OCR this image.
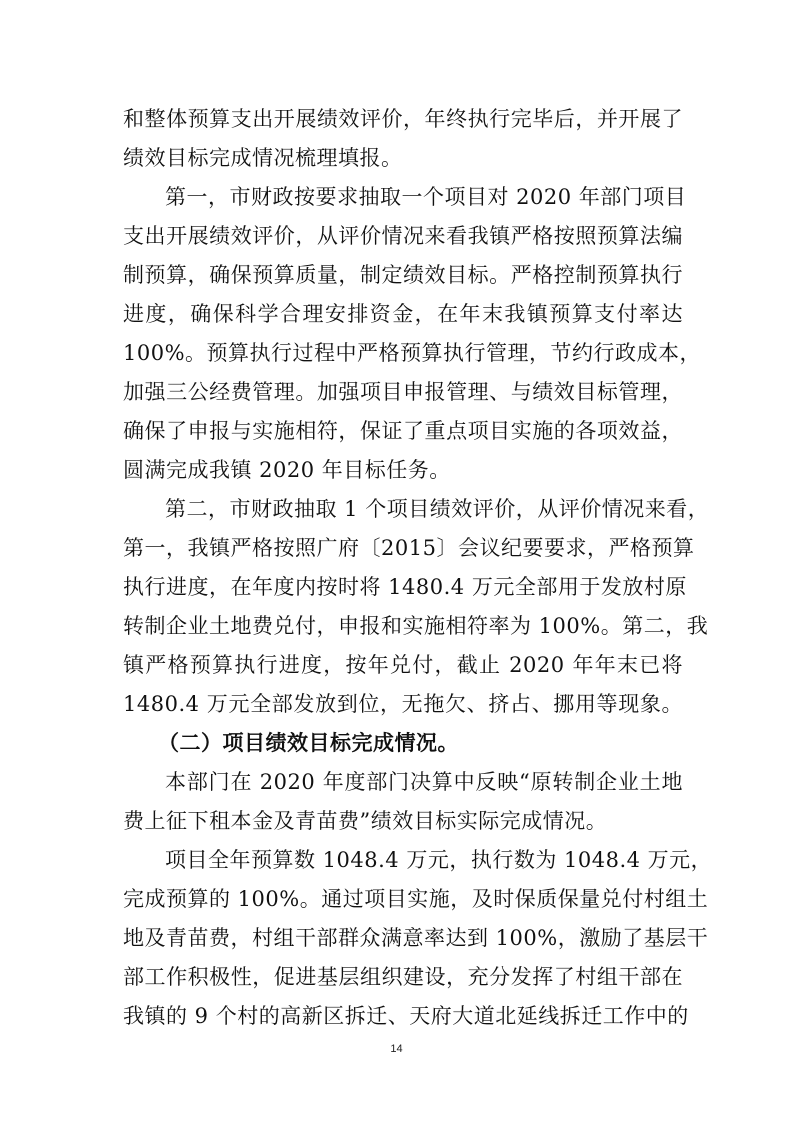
和整体预算支出开展绩效评价，年终执行完毕后，并开展了
绩效目标完成情况梳理填报。
第一，市财政按要求抽取一个项目对 2020 年部门项目
支出开展绩效评价，从评价情况来看我镇严格按照预算法编
制预算，确保预算质量，制定绩效目标。严格控制预算执行
进度，确保科学合理安排资金，在年末我镇预算支付率达
100%。预算执行过程中严格预算执行管理，节约行政成本，
加强三公经费管理。加强项目申报管理、与绩效目标管理，
确保了申报与实施相符，保证了重点项目实施的各项效益，
圆满完成我镇 2020 年目标任务。
第二，市财政抽取 1 个项目绩效评价，从评价情况来看，
第一，我镇严格按照广府〔2015〕会议纪要要求，严格预算
执行进度，在年度内按时将 1480.4 万元全部用于发放村原
转制企业土地费兑付，申报和实施相符率为 100%。第二，我
镇严格预算执行进度，按年兑付，截止 2020 年年末已将
1480.4 万元全部发放到位，无拖欠、挤占、挪用等现象。
（二）项目绩效目标完成情况。
本部门在 2020 年度部门决算中反映“原转制企业土地
费上征下租本金及青苗费”绩效目标实际完成情况。
项目全年预算数 1048.4 万元，执行数为 1048.4 万元，
完成预算的 100%。通过项目实施，及时保质保量兑付村组土
地及青苗费，村组干部群众满意率达到 100%，激励了基层干
部工作积极性，促进基层组织建设，充分发挥了村组干部在
我镇的 9 个村的高新区拆迁、天府大道北延线拆迁工作中的
14
